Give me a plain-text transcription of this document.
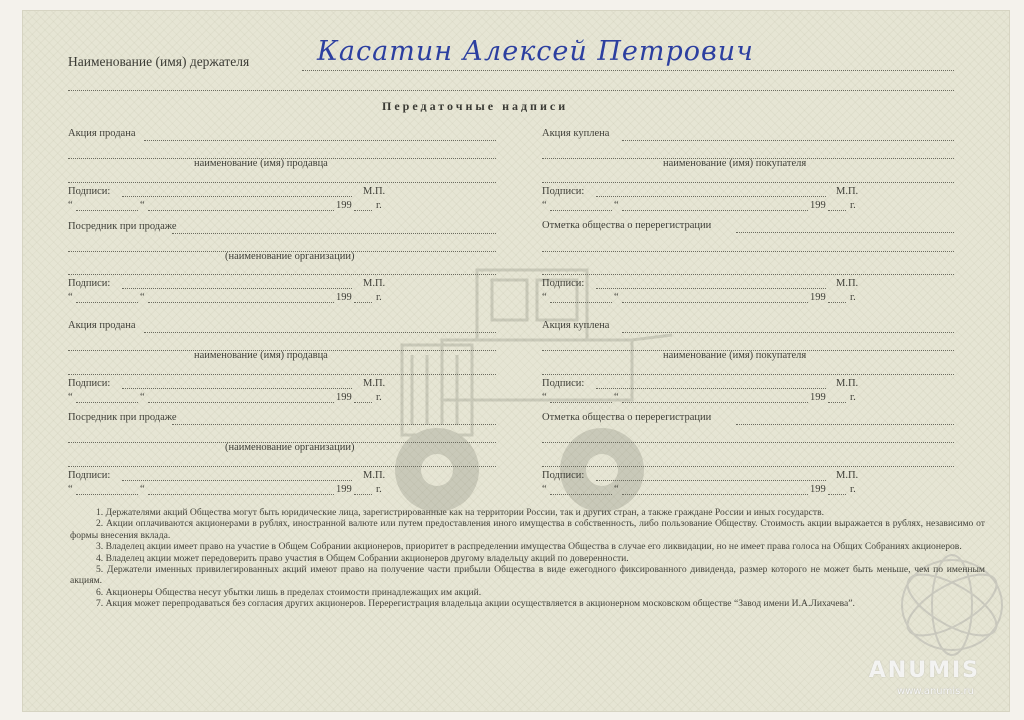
Наименование (имя) держателя	Касатин Алексей Петрович
Передаточные надписи
Акция продана
наименование (имя) продавца
Подписи:	М.П.
“	“	199 г.
Посредник при продаже
(наименование организации)
Подписи:	М.П.
“	“	199 г.
Акция продана
наименование (имя) продавца
Подписи:	М.П.
“	“	199 г.
Посредник при продаже
(наименование организации)
Подписи:	М.П.
“	“	199 г.
Акция куплена
наименование (имя) покупателя
Подписи:	М.П.
“	“	199 г.
Отметка общества о перерегистрации
Подписи:	М.П.
“	“	199 г.
Акция куплена
наименование (имя) покупателя
Подписи:	М.П.
“	“	199 г.
Отметка общества о перерегистрации
Подписи:	М.П.
“	“	199 г.

1. Держателями акций Общества могут быть юридические лица, зарегистрированные как на территории России, так и других стран, а также граждане России и иных государств.

2. Акции оплачиваются акционерами в рублях, иностранной валюте или путем предоставления иного имущества в собственность, либо пользование Обществу. Стоимость акции выражается в рублях, независимо от формы внесения вклада.

3. Владелец акции имеет право на участие в Общем Собрании акционеров, приоритет в распределении имущества Общества в случае его ликвидации, но не имеет права голоса на Общих Собраниях акционеров.

4. Владелец акции может передоверить право участия в Общем Собрании акционеров другому владельцу акций по доверенности.

5. Держатели именных привилегированных акций имеют право на получение части прибыли Общества в виде ежегодного фиксированного дивиденда, размер которого не может быть меньше, чем по именным акциям.

6. Акционеры Общества несут убытки лишь в пределах стоимости принадлежащих им акций.

7. Акция может перепродаваться без согласия других акционеров. Перерегистрация владельца акции осуществляется в акционерном московском обществе “Завод имени И.А.Лихачева”.

ANUMIS
www.anumis.ru
